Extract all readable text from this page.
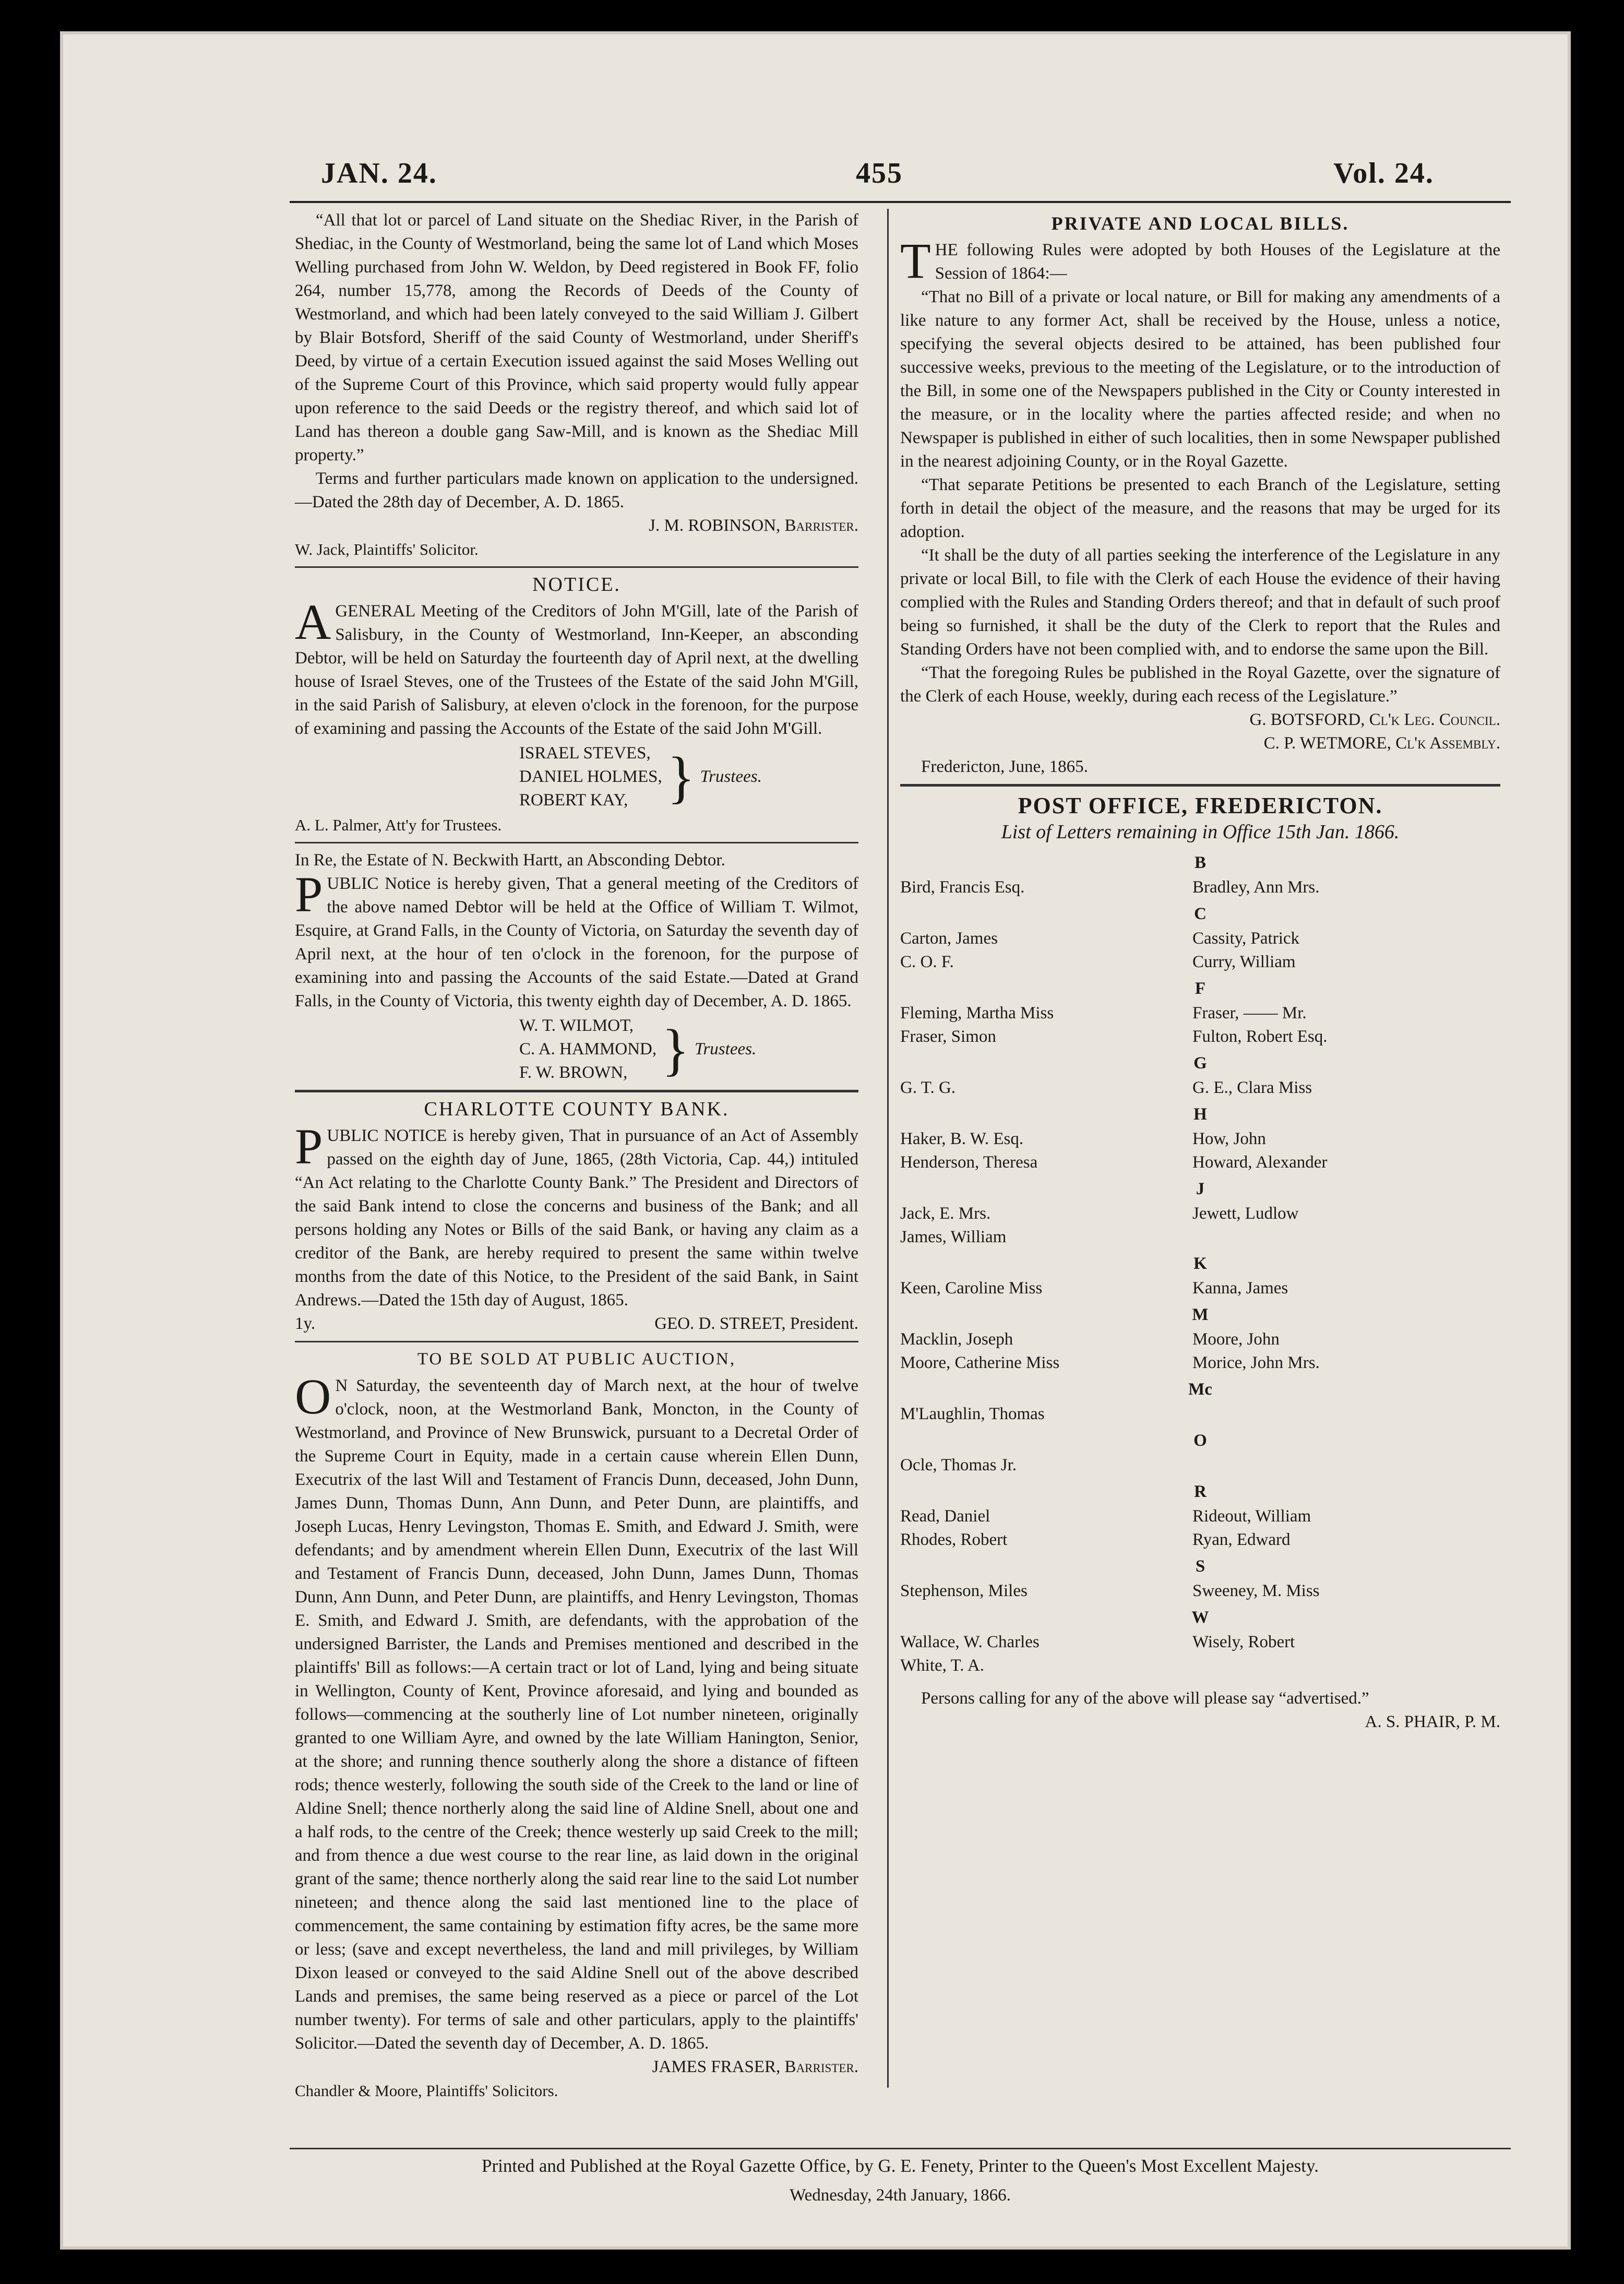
JAN. 24.	455	Vol. 24.

“All that lot or parcel of Land situate on the Shediac River, in the Parish of Shediac, in the County of Westmorland, being the same lot of Land which Moses Welling purchased from John W. Weldon, by Deed registered in Book FF, folio 264, number 15,778, among the Records of Deeds of the County of Westmorland, and which had been lately conveyed to the said William J. Gilbert by Blair Botsford, Sheriff of the said County of Westmorland, under Sheriff's Deed, by virtue of a certain Execution issued against the said Moses Welling out of the Supreme Court of this Province, which said property would fully appear upon reference to the said Deeds or the registry thereof, and which said lot of Land has thereon a double gang Saw-Mill, and is known as the Shediac Mill property.”

Terms and further particulars made known on application to the undersigned.—Dated the 28th day of December, A. D. 1865.

J. M. ROBINSON, Barrister.

W. Jack, Plaintiffs' Solicitor.

NOTICE.

AGENERAL Meeting of the Creditors of John M'Gill, late of the Parish of Salisbury, in the County of Westmorland, Inn-Keeper, an absconding Debtor, will be held on Saturday the fourteenth day of April next, at the dwelling house of Israel Steves, one of the Trustees of the Estate of the said John M'Gill, in the said Parish of Salisbury, at eleven o'clock in the forenoon, for the purpose of examining and passing the Accounts of the Estate of the said John M'Gill.

ISRAEL STEVES,
DANIEL HOLMES,
ROBERT KAY, } Trustees.

A. L. Palmer, Att'y for Trustees.

In Re, the Estate of N. Beckwith Hartt, an Absconding Debtor.

PUBLIC Notice is hereby given, That a general meeting of the Creditors of the above named Debtor will be held at the Office of William T. Wilmot, Esquire, at Grand Falls, in the County of Victoria, on Saturday the seventh day of April next, at the hour of ten o'clock in the forenoon, for the purpose of examining into and passing the Accounts of the said Estate.—Dated at Grand Falls, in the County of Victoria, this twenty eighth day of December, A. D. 1865.

W. T. WILMOT,
C. A. HAMMOND,
F. W. BROWN, } Trustees.
CHARLOTTE COUNTY BANK.

PUBLIC NOTICE is hereby given, That in pursuance of an Act of Assembly passed on the eighth day of June, 1865, (28th Victoria, Cap. 44,) intituled “An Act relating to the Charlotte County Bank.” The President and Directors of the said Bank intend to close the concerns and business of the Bank; and all persons holding any Notes or Bills of the said Bank, or having any claim as a creditor of the Bank, are hereby required to present the same within twelve months from the date of this Notice, to the President of the said Bank, in Saint Andrews.—Dated the 15th day of August, 1865.

1y.	GEO. D. STREET, President.

TO BE SOLD AT PUBLIC AUCTION,

O N Saturday, the seventeenth day of March next, at the hour of twelve o'clock, noon, at the Westmorland Bank, Moncton, in the County of Westmorland, and Province of New Brunswick, pursuant to a Decretal Order of the Supreme Court in Equity, made in a certain cause wherein Ellen Dunn, Executrix of the last Will and Testament of Francis Dunn, deceased, John Dunn, James Dunn, Thomas Dunn, Ann Dunn, and Peter Dunn, are plaintiffs, and Joseph Lucas, Henry Levingston, Thomas E. Smith, and Edward J. Smith, were defendants; and by amendment wherein Ellen Dunn, Executrix of the last Will and Testament of Francis Dunn, deceased, John Dunn, James Dunn, Thomas Dunn, Ann Dunn, and Peter Dunn, are plaintiffs, and Henry Levingston, Thomas E. Smith, and Edward J. Smith, are defendants, with the approbation of the undersigned Barrister, the Lands and Premises mentioned and described in the plaintiffs' Bill as follows:—A certain tract or lot of Land, lying and being situate in Wellington, County of Kent, Province aforesaid, and lying and bounded as follows—commencing at the southerly line of Lot number nineteen, originally granted to one William Ayre, and owned by the late William Hanington, Senior, at the shore; and running thence southerly along the shore a distance of fifteen rods; thence westerly, following the south side of the Creek to the land or line of Aldine Snell; thence northerly along the said line of Aldine Snell, about one and a half rods, to the centre of the Creek; thence westerly up said Creek to the mill; and from thence a due west course to the rear line, as laid down in the original grant of the same; thence northerly along the said rear line to the said Lot number nineteen; and thence along the said last mentioned line to the place of commencement, the same containing by estimation fifty acres, be the same more or less; (save and except nevertheless, the land and mill privileges, by William Dixon leased or conveyed to the said Aldine Snell out of the above described Lands and premises, the same being reserved as a piece or parcel of the Lot number twenty). For terms of sale and other particulars, apply to the plaintiffs' Solicitor.—Dated the seventh day of December, A. D. 1865.

JAMES FRASER, Barrister.

Chandler & Moore, Plaintiffs' Solicitors.

PRIVATE AND LOCAL BILLS.

THE following Rules were adopted by both Houses of the Legislature at the Session of 1864:—

“That no Bill of a private or local nature, or Bill for making any amendments of a like nature to any former Act, shall be received by the House, unless a notice, specifying the several objects desired to be attained, has been published four successive weeks, previous to the meeting of the Legislature, or to the introduction of the Bill, in some one of the Newspapers published in the City or County interested in the measure, or in the locality where the parties affected reside; and when no Newspaper is published in either of such localities, then in some Newspaper published in the nearest adjoining County, or in the Royal Gazette.

“That separate Petitions be presented to each Branch of the Legislature, setting forth in detail the object of the measure, and the reasons that may be urged for its adoption.

“It shall be the duty of all parties seeking the interference of the Legislature in any private or local Bill, to file with the Clerk of each House the evidence of their having complied with the Rules and Standing Orders thereof; and that in default of such proof being so furnished, it shall be the duty of the Clerk to report that the Rules and Standing Orders have not been complied with, and to endorse the same upon the Bill.

“That the foregoing Rules be published in the Royal Gazette, over the signature of the Clerk of each House, weekly, during each recess of the Legislature.”

G. BOTSFORD, Cl'k Leg. Council.

C. P. WETMORE, Cl'k Assembly.

Fredericton, June, 1865.

POST OFFICE, FREDERICTON.
List of Letters remaining in Office 15th Jan. 1866.
B
Bird, Francis Esq.	Bradley, Ann Mrs.
C
Carton, James	Cassity, Patrick
C. O. F.	Curry, William
F
Fleming, Martha Miss	Fraser, —— Mr.
Fraser, Simon	Fulton, Robert Esq.
G
G. T. G.	G. E., Clara Miss
H
Haker, B. W. Esq.	How, John
Henderson, Theresa	Howard, Alexander
J
Jack, E. Mrs.	Jewett, Ludlow
James, William
K
Keen, Caroline Miss	Kanna, James
M
Macklin, Joseph	Moore, John
Moore, Catherine Miss	Morice, John Mrs.
Mc
M'Laughlin, Thomas
O
Ocle, Thomas Jr.
R
Read, Daniel	Rideout, William
Rhodes, Robert	Ryan, Edward
S
Stephenson, Miles	Sweeney, M. Miss
W
Wallace, W. Charles	Wisely, Robert
White, T. A.

Persons calling for any of the above will please say “advertised.”

A. S. PHAIR, P. M.

Printed and Published at the Royal Gazette Office, by G. E. Fenety, Printer to the Queen's Most Excellent Majesty.
Wednesday, 24th January, 1866.
